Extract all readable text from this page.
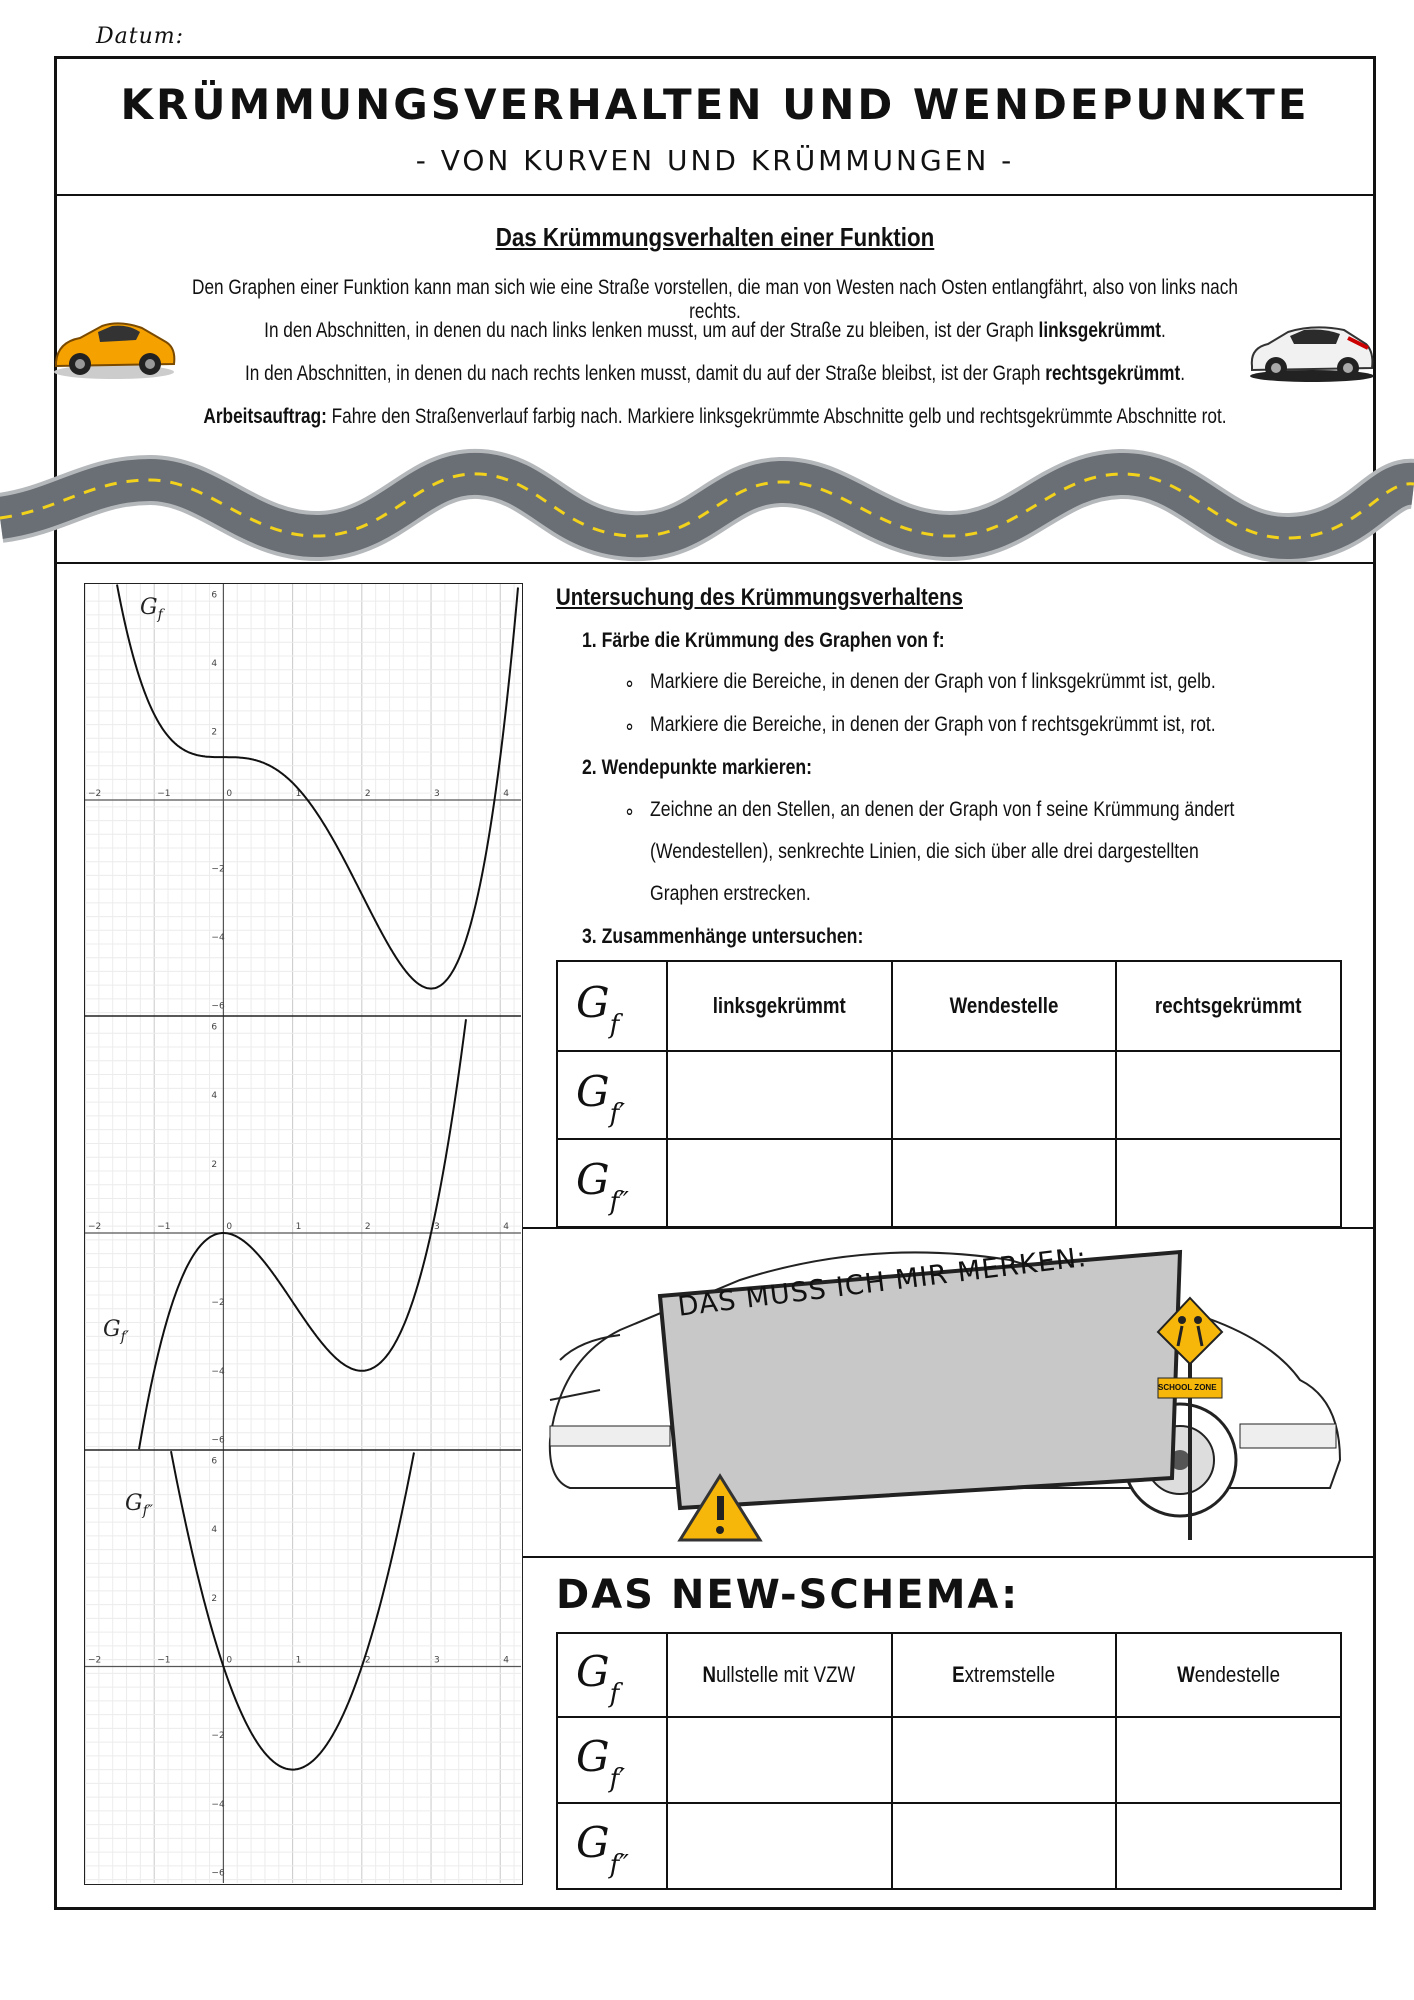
Datum:
KRÜMMUNGSVERHALTEN UND WENDEPUNKTE
- VON KURVEN UND KRÜMMUNGEN -
Das Krümmungsverhalten einer Funktion
Den Graphen einer Funktion kann man sich wie eine Straße vorstellen, die man von Westen nach Osten entlangfährt, also von links nach rechts.
In den Abschnitten, in denen du nach links lenken musst, um auf der Straße zu bleiben, ist der Graph linksgekrümmt.
In den Abschnitten, in denen du nach rechts lenken musst, damit du auf der Straße bleibst, ist der Graph rechtsgekrümmt.
Arbeitsauftrag: Fahre den Straßenverlauf farbig nach. Markiere linksgekrümmte Abschnitte gelb und rechtsgekrümmte Abschnitte rot.
−2	−1	0	1	2	3	4
6
4
2
−2
−4
−6
$G_f$
−2	−1	0	1	2	3	4
6
4
2
−2
−4
−6
$G_{f'}$
−2	−1	0	1	2	3	4
6
4
2
−2
−4
−6
$G_{f''}$
Untersuchung des Krümmungsverhaltens
1. Färbe die Krümmung des Graphen von f:
∘ Markiere die Bereiche, in denen der Graph von f linksgekrümmt ist, gelb.
∘ Markiere die Bereiche, in denen der Graph von f rechtsgekrümmt ist, rot.
2. Wendepunkte markieren:
∘ Zeichne an den Stellen, an denen der Graph von f seine Krümmung ändert
(Wendestellen), senkrechte Linien, die sich über alle drei dargestellten
Graphen erstrecken.
3. Zusammenhänge untersuchen:
$G_f$	linksgekrümmt	Wendestelle	rechtsgekrümmt
$G_{f'}$			
$G_{f''}$			
SCHOOL ZONE
DAS MUSS ICH MIR MERKEN:
DAS NEW-SCHEMA:
$G_f$	Nullstelle mit VZW	Extremstelle	Wendestelle
$G_{f'}$			
$G_{f''}$			
